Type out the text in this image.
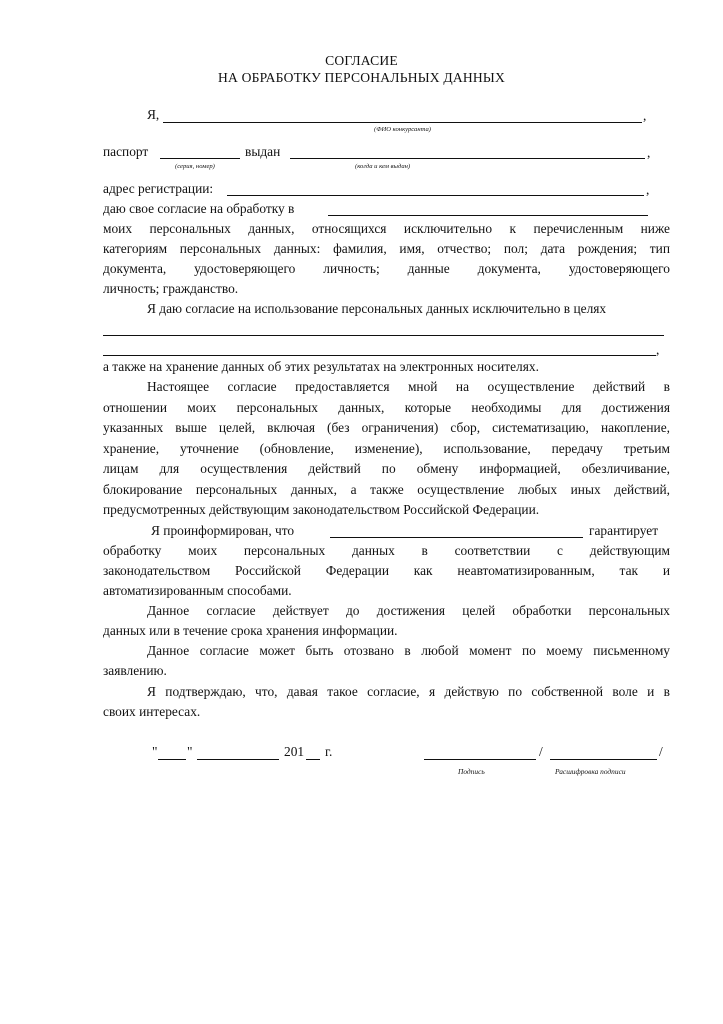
СОГЛАСИЕ
НА ОБРАБОТКУ ПЕРСОНАЛЬНЫХ ДАННЫХ
Я,	,
(ФИО конкурсанта)
паспорт	выдан	,
(серия, номер)	(когда и кем выдан)
адрес регистрации:	,
даю свое согласие на обработку в
моих персональных данных, относящихся исключительно к перечисленным ниже
категориям персональных данных: фамилия, имя, отчество; пол; дата рождения; тип
документа, удостоверяющего личность; данные документа, удостоверяющего
личность; гражданство.
Я даю согласие на использование персональных данных исключительно в целях
,
а также на хранение данных об этих результатах на электронных носителях.
Настоящее согласие предоставляется мной на осуществление действий в
отношении моих персональных данных, которые необходимы для достижения
указанных выше целей, включая (без ограничения) сбор, систематизацию, накопление,
хранение, уточнение (обновление, изменение), использование, передачу третьим
лицам для осуществления действий по обмену информацией, обезличивание,
блокирование персональных данных, а также осуществление любых иных действий,
предусмотренных действующим законодательством Российской Федерации.
Я проинформирован, что	гарантирует
обработку моих персональных данных в соответствии с действующим
законодательством Российской Федерации как неавтоматизированным, так и
автоматизированным способами.
Данное согласие действует до достижения целей обработки персональных
данных или в течение срока хранения информации.
Данное согласие может быть отозвано в любой момент по моему письменному
заявлению.
Я подтверждаю, что, давая такое согласие, я действую по собственной воле и в
своих интересах.
" "	201 г.	/	/
Подпись	Расшифровка подписи
